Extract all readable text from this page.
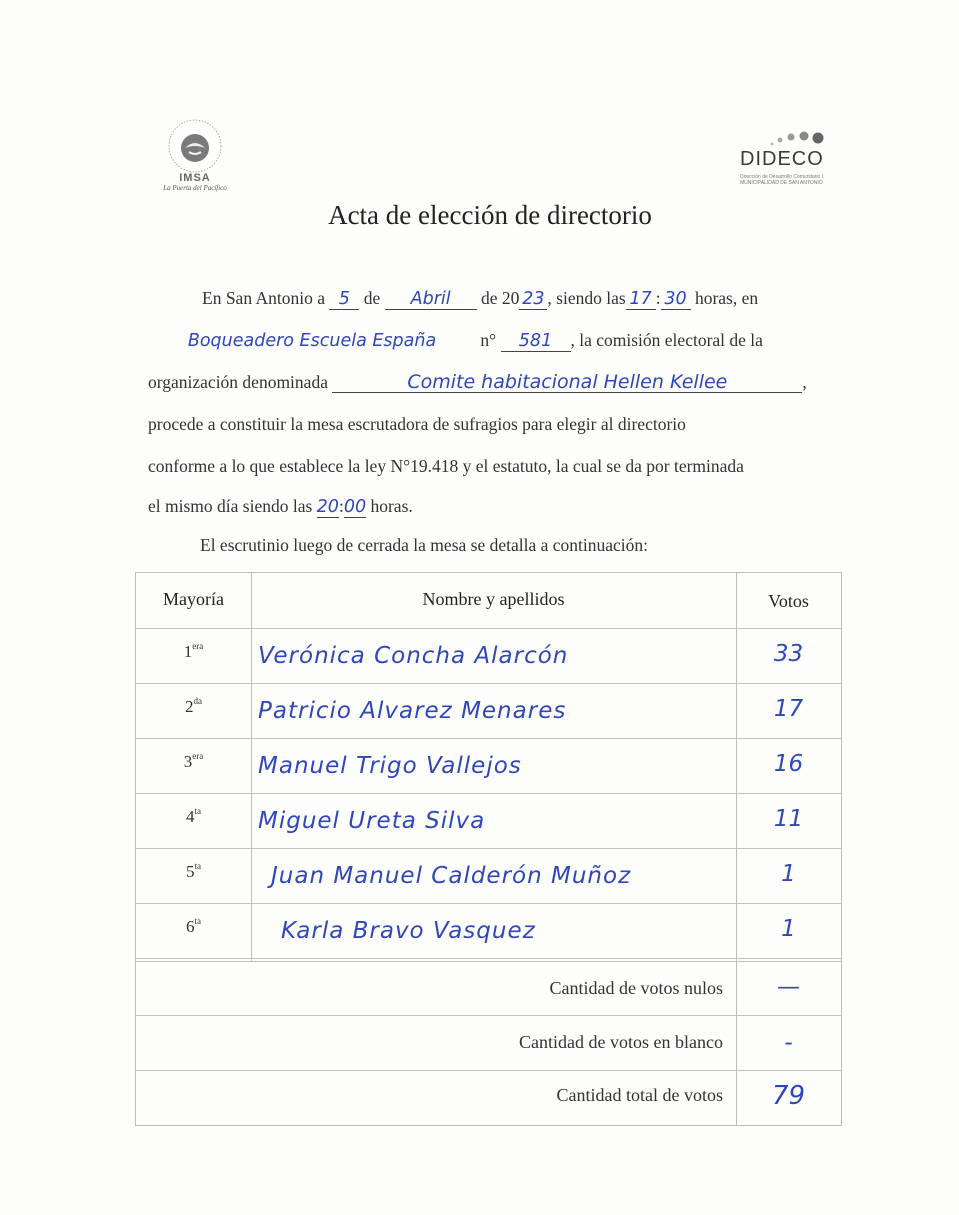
IMSA
La Puerta del Pacífico
DIDECO
Dirección de Desarrollo Comunitario I. MUNICIPALIDAD DE SAN ANTONIO
Acta de elección de directorio
En San Antonio a 5 de Abril de 20 23 , siendo las 17 : 30 horas, en
Boqueadero Escuela España	n° 581 , la comisión electoral de la
organización denominada	Comite habitacional Hellen Kellee	,
procede a constituir la mesa escrutadora de sufragios para elegir al directorio
conforme a lo que establece la ley N°19.418 y el estatuto, la cual se da por terminada
el mismo día siendo las 20:00 horas.
El escrutinio luego de cerrada la mesa se detalla a continuación:
Mayoría	Nombre y apellidos	Votos
$1^{era}$	Verónica Concha Alarcón	33
$2^{da}$	Patricio Alvarez Menares	17
$3^{era}$	Manuel Trigo Vallejos	16
$4^{ta}$	Miguel Ureta Silva	11
$5^{ta}$	Juan Manuel Calderón Muñoz	1
$6^{ta}$	Karla Bravo Vasquez	1
Cantidad de votos nulos	—
Cantidad de votos en blanco	-
Cantidad total de votos	79
